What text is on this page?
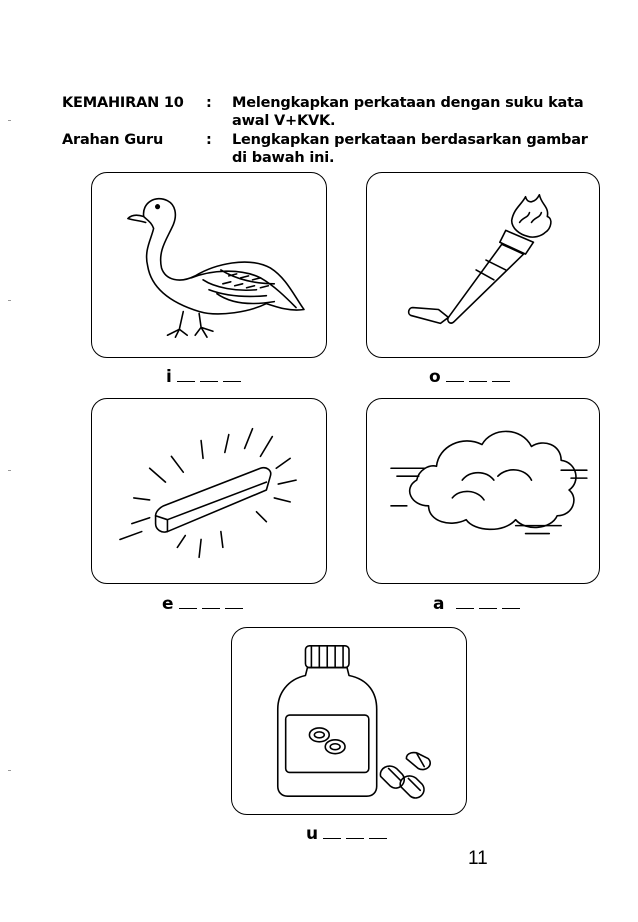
KEMAHIRAN 10 : Melengkapkan perkataan dengan suku kata
awal V+KVK.
Arahan Guru	: Lengkapkan perkataan berdasarkan gambar
di bawah ini.
i	o
e	a
u
11
